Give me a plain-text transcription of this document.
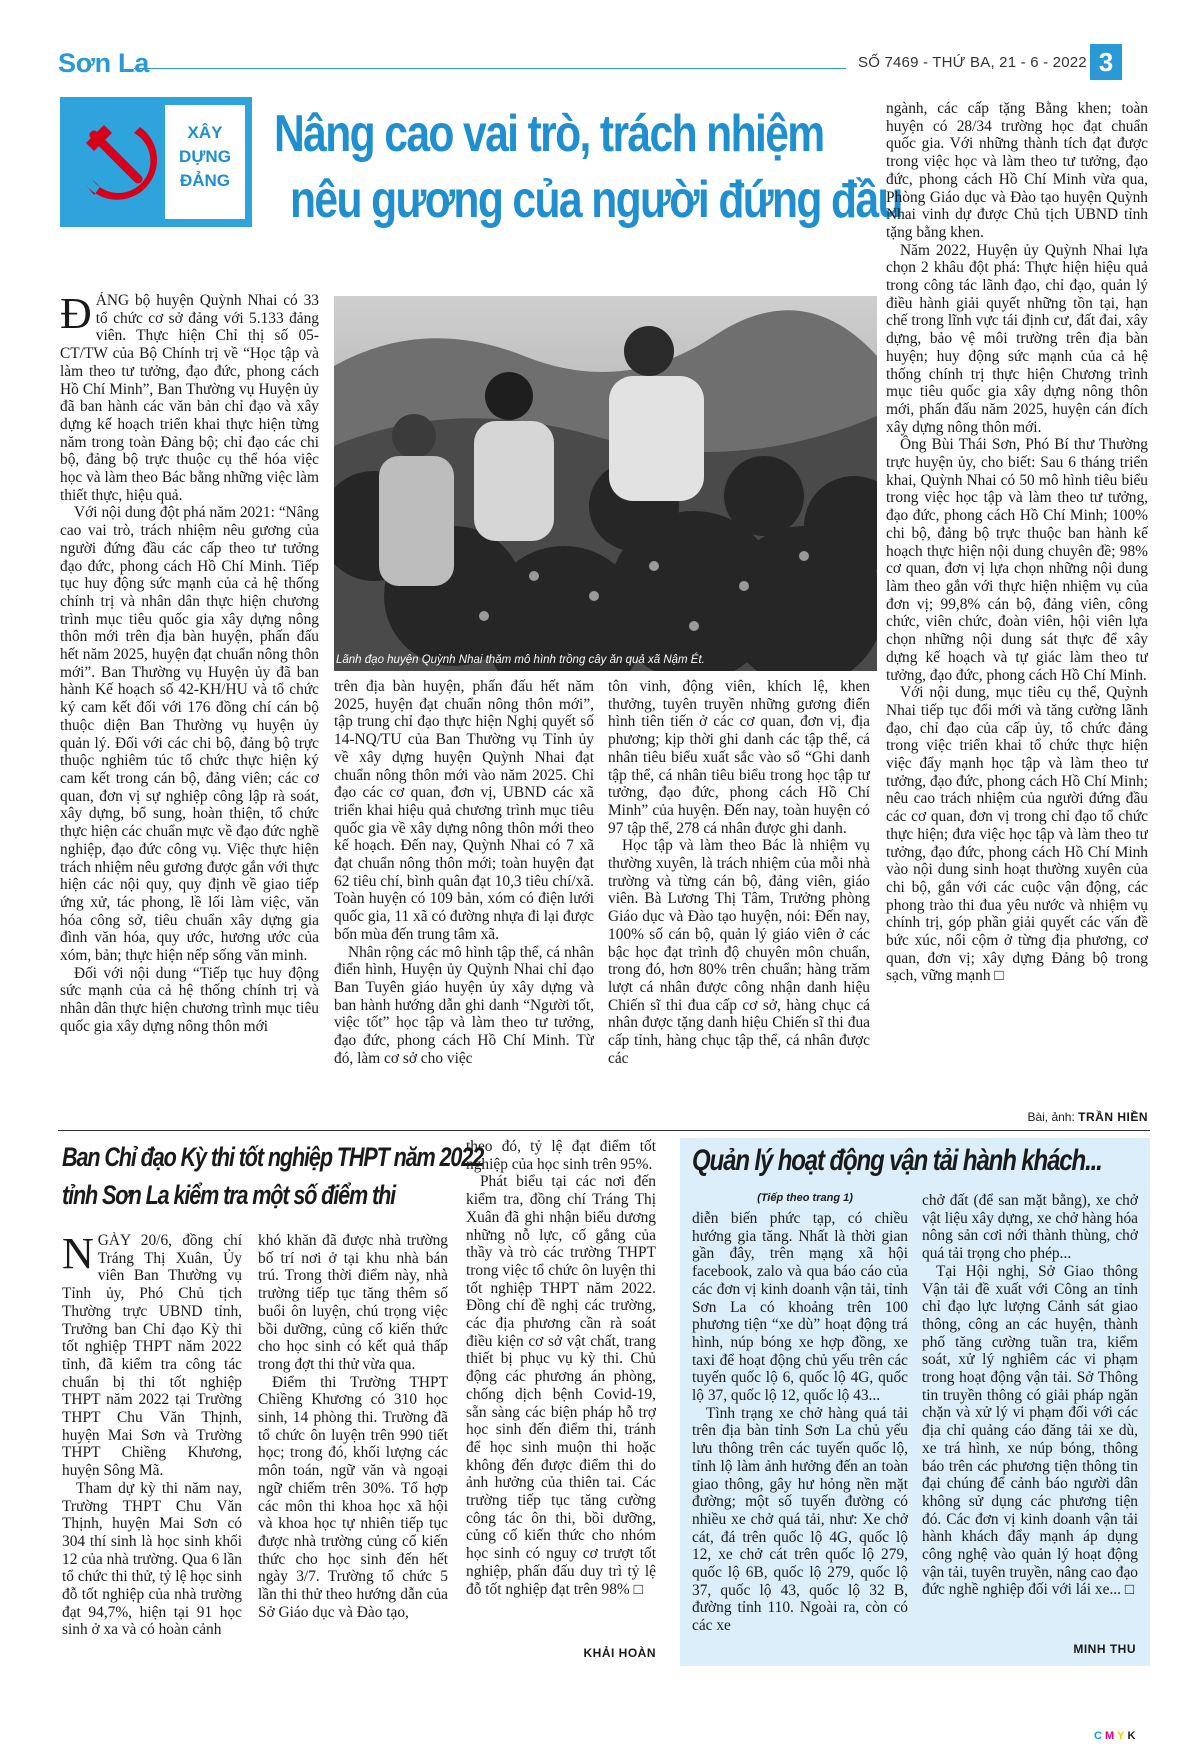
Sơn La	SỐ 7469 - THỨ BA, 21 - 6 - 2022 3
XÂY
DỰNG
ĐẢNG
Nâng cao vai trò, trách nhiệm
nêu gương của người đứng đầu
Lãnh đạo huyện Quỳnh Nhai thăm mô hình trồng cây ăn quả xã Nậm Ét.

ĐẢNG bộ huyện Quỳnh Nhai có 33 tổ chức cơ sở đảng với 5.133 đảng viên. Thực hiện Chỉ thị số 05-CT/TW của Bộ Chính trị về “Học tập và làm theo tư tưởng, đạo đức, phong cách Hồ Chí Minh”, Ban Thường vụ Huyện ủy đã ban hành các văn bản chỉ đạo và xây dựng kế hoạch triển khai thực hiện từng năm trong toàn Đảng bộ; chỉ đạo các chi bộ, đảng bộ trực thuộc cụ thể hóa việc học và làm theo Bác bằng những việc làm thiết thực, hiệu quả.

Với nội dung đột phá năm 2021: “Nâng cao vai trò, trách nhiệm nêu gương của người đứng đầu các cấp theo tư tưởng đạo đức, phong cách Hồ Chí Minh. Tiếp tục huy động sức mạnh của cả hệ thống chính trị và nhân dân thực hiện chương trình mục tiêu quốc gia xây dựng nông thôn mới trên địa bàn huyện, phấn đấu hết năm 2025, huyện đạt chuẩn nông thôn mới”. Ban Thường vụ Huyện ủy đã ban hành Kế hoạch số 42-KH/HU và tổ chức ký cam kết đối với 176 đồng chí cán bộ thuộc diện Ban Thường vụ huyện ủy quản lý. Đối với các chi bộ, đảng bộ trực thuộc nghiêm túc tổ chức thực hiện ký cam kết trong cán bộ, đảng viên; các cơ quan, đơn vị sự nghiệp công lập rà soát, xây dựng, bổ sung, hoàn thiện, tổ chức thực hiện các chuẩn mực về đạo đức nghề nghiệp, đạo đức công vụ. Việc thực hiện trách nhiệm nêu gương được gắn với thực hiện các nội quy, quy định về giao tiếp ứng xử, tác phong, lề lối làm việc, văn hóa công sở, tiêu chuẩn xây dựng gia đình văn hóa, quy ước, hương ước của xóm, bản; thực hiện nếp sống văn minh.

Đối với nội dung “Tiếp tục huy động sức mạnh của cả hệ thống chính trị và nhân dân thực hiện chương trình mục tiêu quốc gia xây dựng nông thôn mới

trên địa bàn huyện, phấn đấu hết năm 2025, huyện đạt chuẩn nông thôn mới”, tập trung chỉ đạo thực hiện Nghị quyết số 14-NQ/TU của Ban Thường vụ Tỉnh ủy về xây dựng huyện Quỳnh Nhai đạt chuẩn nông thôn mới vào năm 2025. Chỉ đạo các cơ quan, đơn vị, UBND các xã triển khai hiệu quả chương trình mục tiêu quốc gia về xây dựng nông thôn mới theo kế hoạch. Đến nay, Quỳnh Nhai có 7 xã đạt chuẩn nông thôn mới; toàn huyện đạt 62 tiêu chí, bình quân đạt 10,3 tiêu chí/xã. Toàn huyện có 109 bản, xóm có điện lưới quốc gia, 11 xã có đường nhựa đi lại được bốn mùa đến trung tâm xã.

Nhân rộng các mô hình tập thể, cá nhân điển hình, Huyện ủy Quỳnh Nhai chỉ đạo Ban Tuyên giáo huyện ủy xây dựng và ban hành hướng dẫn ghi danh “Người tốt, việc tốt” học tập và làm theo tư tưởng, đạo đức, phong cách Hồ Chí Minh. Từ đó, làm cơ sở cho việc

tôn vinh, động viên, khích lệ, khen thưởng, tuyên truyền những gương điển hình tiên tiến ở các cơ quan, đơn vị, địa phương; kịp thời ghi danh các tập thể, cá nhân tiêu biểu xuất sắc vào sổ “Ghi danh tập thể, cá nhân tiêu biểu trong học tập tư tưởng, đạo đức, phong cách Hồ Chí Minh” của huyện. Đến nay, toàn huyện có 97 tập thể, 278 cá nhân được ghi danh.

Học tập và làm theo Bác là nhiệm vụ thường xuyên, là trách nhiệm của mỗi nhà trường và từng cán bộ, đảng viên, giáo viên. Bà Lương Thị Tâm, Trưởng phòng Giáo dục và Đào tạo huyện, nói: Đến nay, 100% số cán bộ, quản lý giáo viên ở các bậc học đạt trình độ chuyên môn chuẩn, trong đó, hơn 80% trên chuẩn; hàng trăm lượt cá nhân được công nhận danh hiệu Chiến sĩ thi đua cấp cơ sở, hàng chục cá nhân được tặng danh hiệu Chiến sĩ thi đua cấp tỉnh, hàng chục tập thể, cá nhân được các

ngành, các cấp tặng Bằng khen; toàn huyện có 28/34 trường học đạt chuẩn quốc gia. Với những thành tích đạt được trong việc học và làm theo tư tưởng, đạo đức, phong cách Hồ Chí Minh vừa qua, Phòng Giáo dục và Đào tạo huyện Quỳnh Nhai vinh dự được Chủ tịch UBND tỉnh tặng bằng khen.

Năm 2022, Huyện ủy Quỳnh Nhai lựa chọn 2 khâu đột phá: Thực hiện hiệu quả trong công tác lãnh đạo, chỉ đạo, quản lý điều hành giải quyết những tồn tại, hạn chế trong lĩnh vực tái định cư, đất đai, xây dựng, bảo vệ môi trường trên địa bàn huyện; huy động sức mạnh của cả hệ thống chính trị thực hiện Chương trình mục tiêu quốc gia xây dựng nông thôn mới, phấn đấu năm 2025, huyện cán đích xây dựng nông thôn mới.

Ông Bùi Thái Sơn, Phó Bí thư Thường trực huyện ủy, cho biết: Sau 6 tháng triển khai, Quỳnh Nhai có 50 mô hình tiêu biểu trong việc học tập và làm theo tư tưởng, đạo đức, phong cách Hồ Chí Minh; 100% chi bộ, đảng bộ trực thuộc ban hành kế hoạch thực hiện nội dung chuyên đề; 98% cơ quan, đơn vị lựa chọn những nội dung làm theo gắn với thực hiện nhiệm vụ của đơn vị; 99,8% cán bộ, đảng viên, công chức, viên chức, đoàn viên, hội viên lựa chọn những nội dung sát thực để xây dựng kế hoạch và tự giác làm theo tư tưởng, đạo đức, phong cách Hồ Chí Minh.

Với nội dung, mục tiêu cụ thể, Quỳnh Nhai tiếp tục đổi mới và tăng cường lãnh đạo, chỉ đạo của cấp ủy, tổ chức đảng trong việc triển khai tổ chức thực hiện việc đẩy mạnh học tập và làm theo tư tưởng, đạo đức, phong cách Hồ Chí Minh; nêu cao trách nhiệm của người đứng đầu các cơ quan, đơn vị trong chỉ đạo tổ chức thực hiện; đưa việc học tập và làm theo tư tưởng, đạo đức, phong cách Hồ Chí Minh vào nội dung sinh hoạt thường xuyên của chi bộ, gắn với các cuộc vận động, các phong trào thi đua yêu nước và nhiệm vụ chính trị, góp phần giải quyết các vấn đề bức xúc, nổi cộm ở từng địa phương, cơ quan, đơn vị; xây dựng Đảng bộ trong sạch, vững mạnh □

Bài, ảnh: TRẦN HIỀN
Ban Chỉ đạo Kỳ thi tốt nghiệp THPT năm 2022
tỉnh Sơn La kiểm tra một số điểm thi

NGÀY 20/6, đồng chí Tráng Thị Xuân, Ủy viên Ban Thường vụ Tỉnh ủy, Phó Chủ tịch Thường trực UBND tỉnh, Trưởng ban Chỉ đạo Kỳ thi tốt nghiệp THPT năm 2022 tỉnh, đã kiểm tra công tác chuẩn bị thi tốt nghiệp THPT năm 2022 tại Trường THPT Chu Văn Thịnh, huyện Mai Sơn và Trường THPT Chiềng Khương, huyện Sông Mã.

Tham dự kỳ thi năm nay, Trường THPT Chu Văn Thịnh, huyện Mai Sơn có 304 thí sinh là học sinh khối 12 của nhà trường. Qua 6 lần tổ chức thi thử, tỷ lệ học sinh đỗ tốt nghiệp của nhà trường đạt 94,7%, hiện tại 91 học sinh ở xa và có hoàn cảnh

khó khăn đã được nhà trường bố trí nơi ở tại khu nhà bán trú. Trong thời điểm này, nhà trường tiếp tục tăng thêm số buổi ôn luyện, chú trọng việc bồi dưỡng, củng cố kiến thức cho học sinh có kết quả thấp trong đợt thi thử vừa qua.

Điểm thi Trường THPT Chiềng Khương có 310 học sinh, 14 phòng thi. Trường đã tổ chức ôn luyện trên 990 tiết học; trong đó, khối lượng các môn toán, ngữ văn và ngoại ngữ chiếm trên 30%. Tổ hợp các môn thi khoa học xã hội và khoa học tự nhiên tiếp tục được nhà trường củng cố kiến thức cho học sinh đến hết ngày 3/7. Trường tổ chức 5 lần thi thử theo hướng dẫn của Sở Giáo dục và Đào tạo,

theo đó, tỷ lệ đạt điểm tốt nghiệp của học sinh trên 95%.

Phát biểu tại các nơi đến kiểm tra, đồng chí Tráng Thị Xuân đã ghi nhận biểu dương những nỗ lực, cố gắng của thầy và trò các trường THPT trong việc tổ chức ôn luyện thi tốt nghiệp THPT năm 2022. Đồng chí đề nghị các trường, các địa phương cần rà soát điều kiện cơ sở vật chất, trang thiết bị phục vụ kỳ thi. Chủ động các phương án phòng, chống dịch bệnh Covid-19, sẵn sàng các biện pháp hỗ trợ học sinh đến điểm thi, tránh để học sinh muộn thi hoặc không đến được điểm thi do ảnh hưởng của thiên tai. Các trường tiếp tục tăng cường công tác ôn thi, bồi dưỡng, củng cố kiến thức cho nhóm học sinh có nguy cơ trượt tốt nghiệp, phấn đấu duy trì tỷ lệ đỗ tốt nghiệp đạt trên 98% □

KHẢI HOÀN
Quản lý hoạt động vận tải hành khách...
(Tiếp theo trang 1)

diễn biến phức tạp, có chiều hướng gia tăng. Nhất là thời gian gần đây, trên mạng xã hội facebook, zalo và qua báo cáo của các đơn vị kinh doanh vận tải, tỉnh Sơn La có khoảng trên 100 phương tiện “xe dù” hoạt động trá hình, núp bóng xe hợp đồng, xe taxi để hoạt động chủ yếu trên các tuyến quốc lộ 6, quốc lộ 4G, quốc lộ 37, quốc lộ 12, quốc lộ 43...

Tình trạng xe chở hàng quá tải trên địa bàn tỉnh Sơn La chủ yếu lưu thông trên các tuyến quốc lộ, tỉnh lộ làm ảnh hưởng đến an toàn giao thông, gây hư hỏng nền mặt đường; một số tuyến đường có nhiều xe chở quá tải, như: Xe chở cát, đá trên quốc lộ 4G, quốc lộ 12, xe chở cát trên quốc lộ 279, quốc lộ 6B, quốc lộ 279, quốc lộ 37, quốc lộ 43, quốc lộ 32 B, đường tỉnh 110. Ngoài ra, còn có các xe

chở đất (để san mặt bằng), xe chở vật liệu xây dựng, xe chở hàng hóa nông sản cơi nới thành thùng, chở quá tải trọng cho phép...

Tại Hội nghị, Sở Giao thông Vận tải đề xuất với Công an tỉnh chỉ đạo lực lượng Cảnh sát giao thông, công an các huyện, thành phố tăng cường tuần tra, kiểm soát, xử lý nghiêm các vi phạm trong hoạt động vận tải. Sở Thông tin truyền thông có giải pháp ngăn chặn và xử lý vi phạm đối với các địa chỉ quảng cáo đăng tải xe dù, xe trá hình, xe núp bóng, thông báo trên các phương tiện thông tin đại chúng để cảnh báo người dân không sử dụng các phương tiện đó. Các đơn vị kinh doanh vận tải hành khách đẩy mạnh áp dụng công nghệ vào quản lý hoạt động vận tải, tuyên truyền, nâng cao đạo đức nghề nghiệp đối với lái xe... □

MINH THU
CMYK
